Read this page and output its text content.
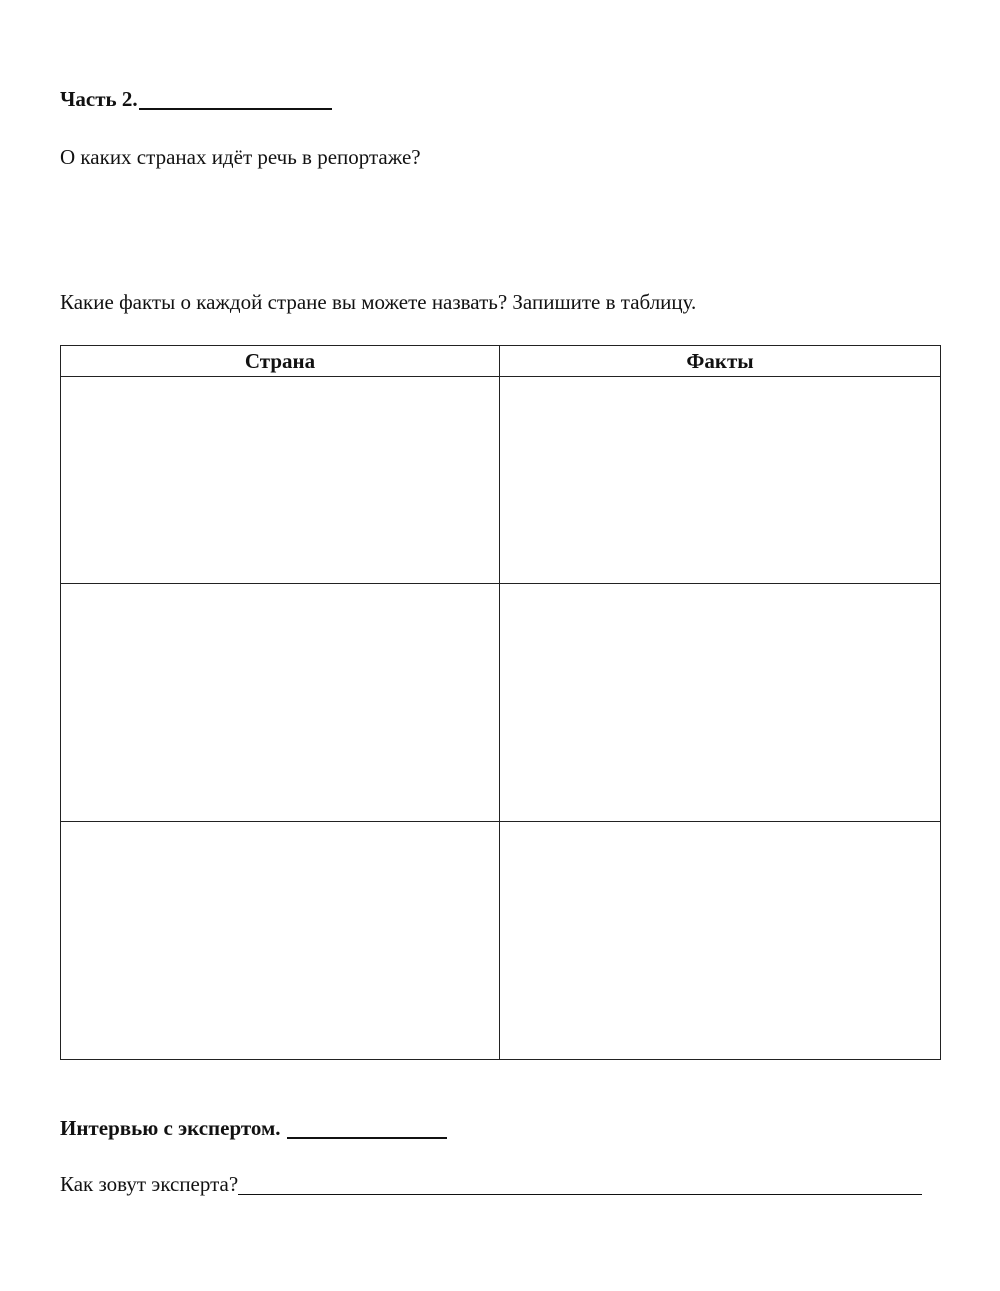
Часть 2.
О каких странах идёт речь в репортаже?
Какие факты о каждой стране вы можете назвать? Запишите в таблицу.
Страна	Факты

Интервью с экспертом.
Как зовут эксперта?
